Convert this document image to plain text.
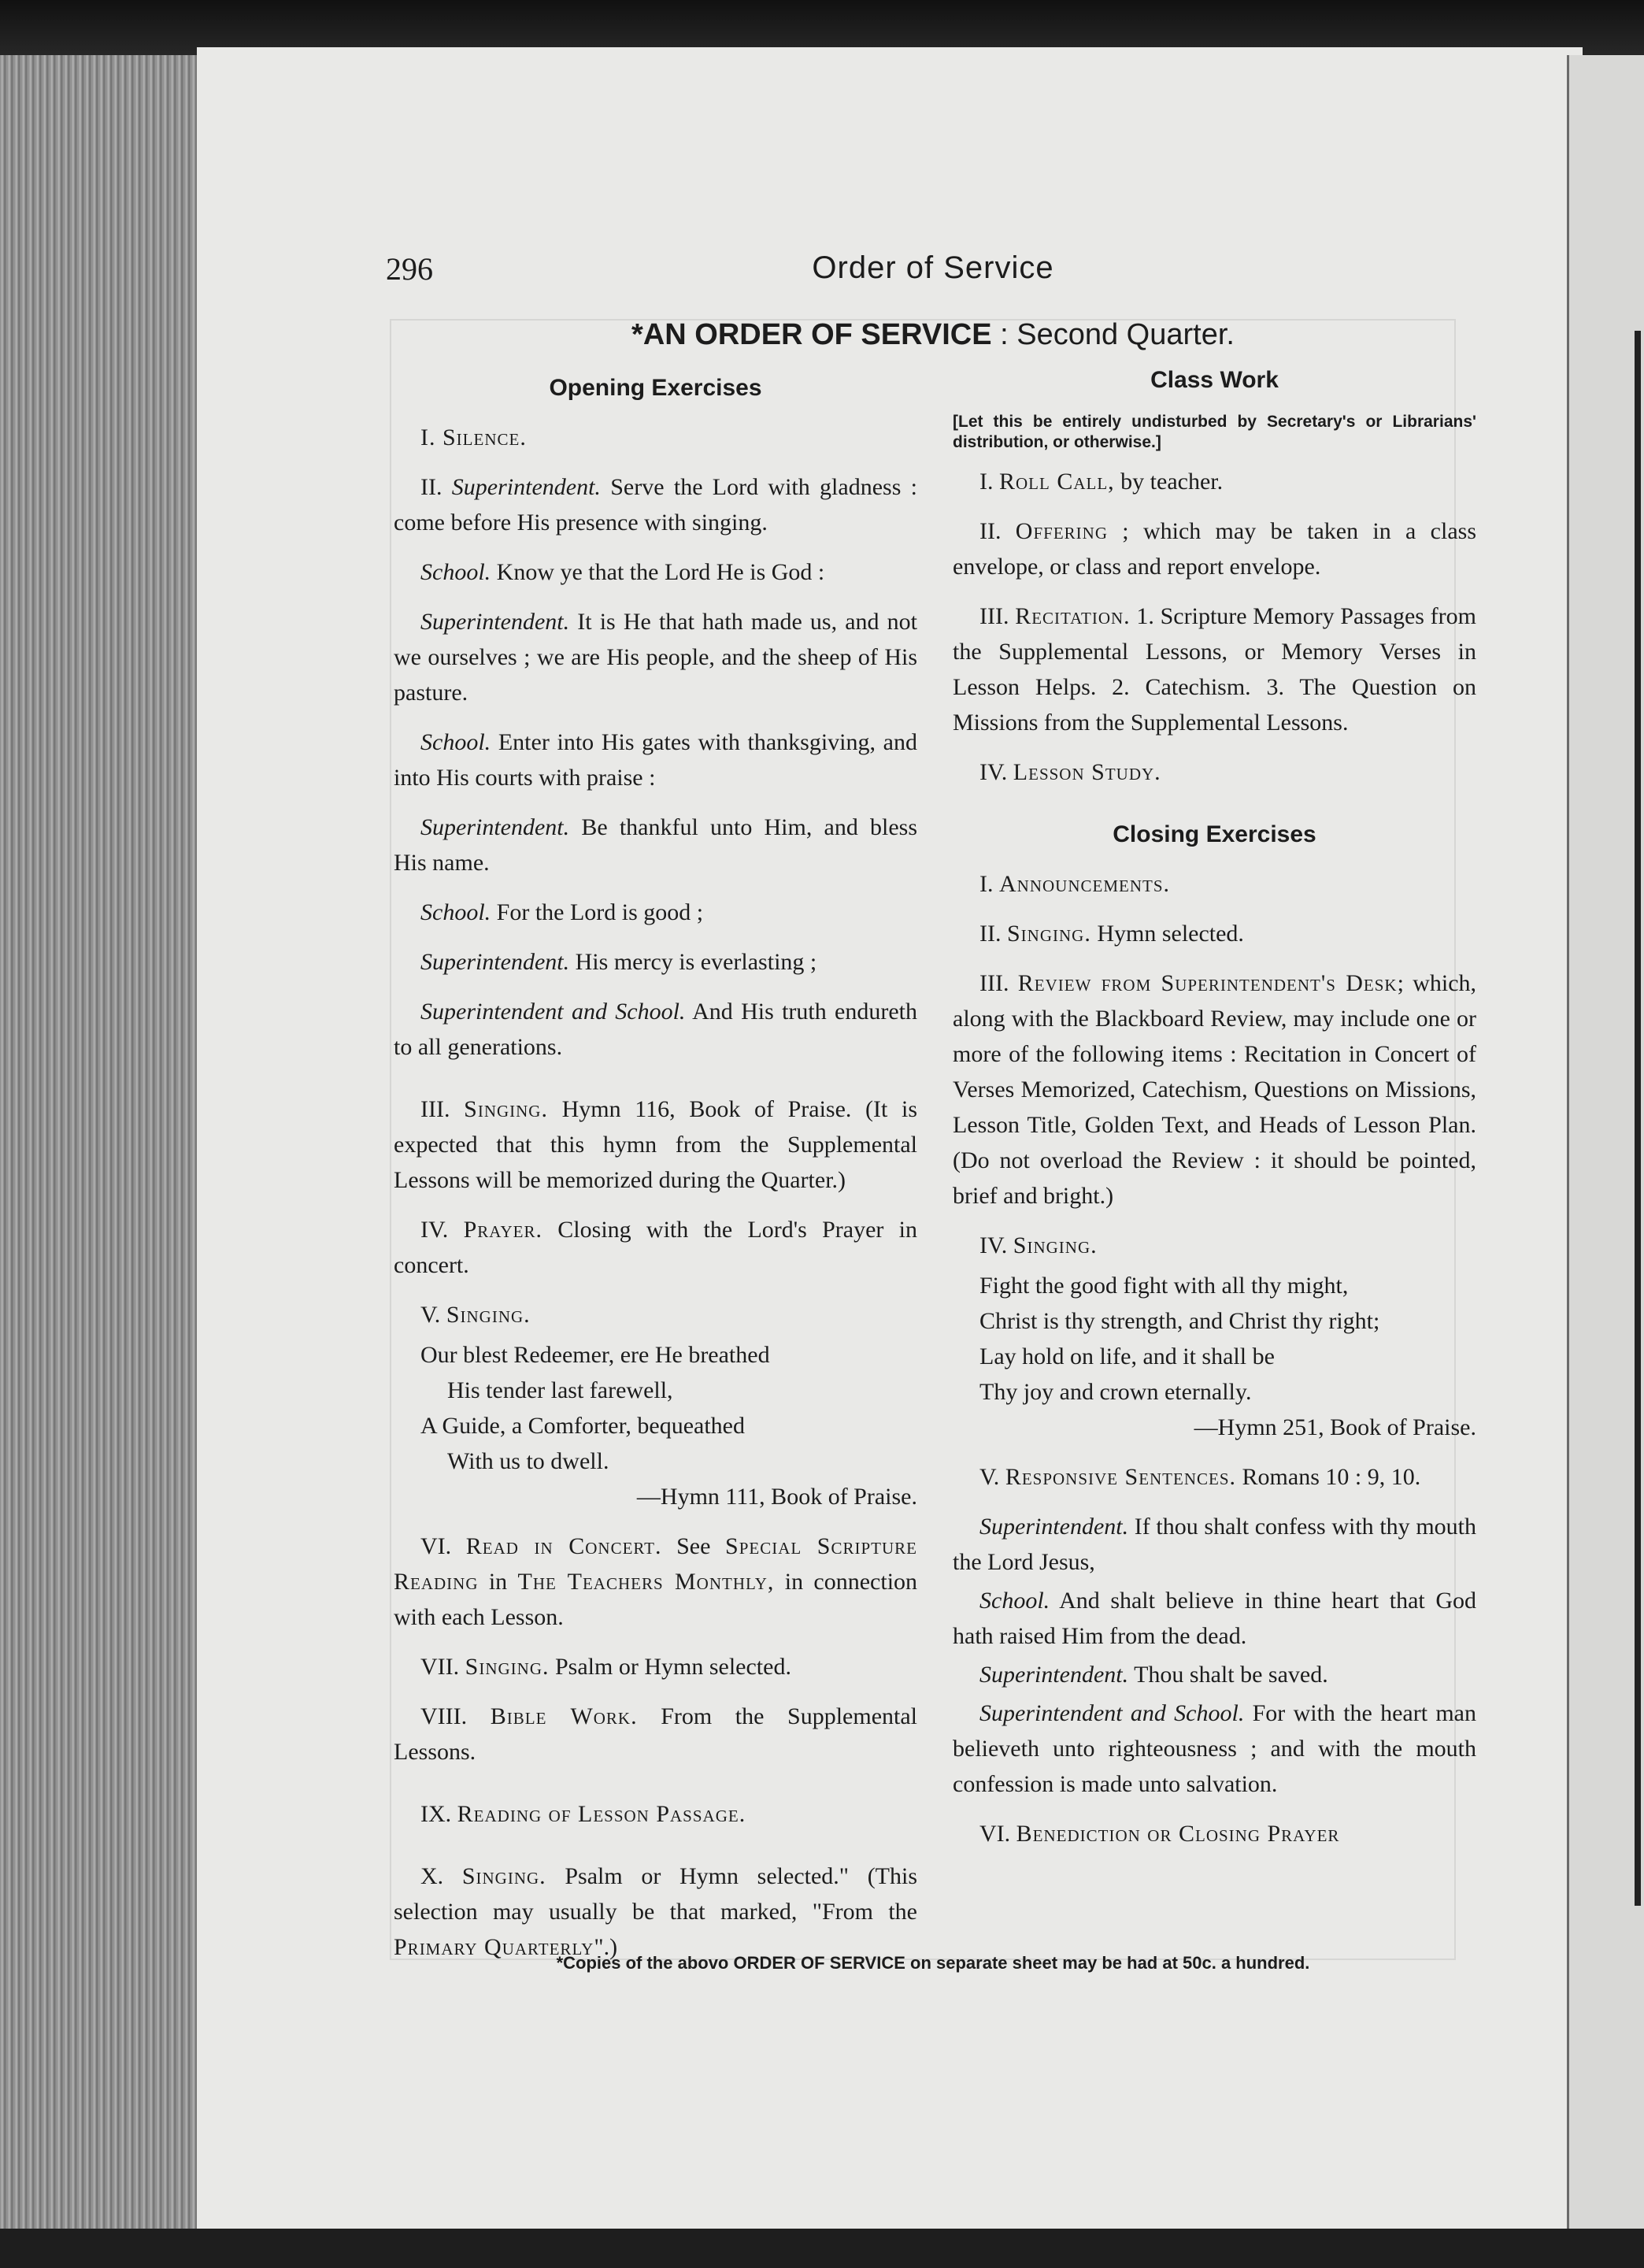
296	Order of Service
*AN ORDER OF SERVICE : Second Quarter.
Opening Exercises

I. Silence.

II. Superintendent. Serve the Lord with gladness : come before His presence with singing.

School. Know ye that the Lord He is God :

Superintendent. It is He that hath made us, and not we ourselves ; we are His people, and the sheep of His pasture.

School. Enter into His gates with thanksgiving, and into His courts with praise :

Superintendent. Be thankful unto Him, and bless His name.

School. For the Lord is good ;

Superintendent. His mercy is everlasting ;

Superintendent and School. And His truth endureth to all generations.

III. Singing. Hymn 116, Book of Praise. (It is expected that this hymn from the Supplemental Lessons will be memorized during the Quarter.)

IV. Prayer. Closing with the Lord's Prayer in concert.

V. Singing.

Our blest Redeemer, ere He breathed
His tender last farewell,
A Guide, a Comforter, bequeathed
With us to dwell.
—Hymn 111, Book of Praise.

VI. Read in Concert. See Special Scripture Reading in The Teachers Monthly, in connection with each Lesson.

VII. Singing. Psalm or Hymn selected.

VIII. Bible Work. From the Supplemental Lessons.

IX. Reading of Lesson Passage.

X. Singing. Psalm or Hymn selected." (This selection may usually be that marked, "From the Primary Quarterly".)

Class Work
[Let this be entirely undisturbed by Secretary's or Librarians' distribution, or otherwise.]

I. Roll Call, by teacher.

II. Offering ; which may be taken in a class envelope, or class and report envelope.

III. Recitation. 1. Scripture Memory Passages from the Supplemental Lessons, or Memory Verses in Lesson Helps. 2. Catechism. 3. The Question on Missions from the Supplemental Lessons.

IV. Lesson Study.

Closing Exercises

I. Announcements.

II. Singing. Hymn selected.

III. Review from Superintendent's Desk; which, along with the Blackboard Review, may include one or more of the following items : Recitation in Concert of Verses Memorized, Catechism, Questions on Missions, Lesson Title, Golden Text, and Heads of Lesson Plan. (Do not overload the Review : it should be pointed, brief and bright.)

IV. Singing.

Fight the good fight with all thy might,
Christ is thy strength, and Christ thy right;
Lay hold on life, and it shall be
Thy joy and crown eternally.
—Hymn 251, Book of Praise.

V. Responsive Sentences. Romans 10 : 9, 10.

Superintendent. If thou shalt confess with thy mouth the Lord Jesus,

School. And shalt believe in thine heart that God hath raised Him from the dead.

Superintendent. Thou shalt be saved.

Superintendent and School. For with the heart man believeth unto righteousness ; and with the mouth confession is made unto salvation.

VI. Benediction or Closing Prayer

*Copies of the abovo ORDER OF SERVICE on separate sheet may be had at 50c. a hundred.
